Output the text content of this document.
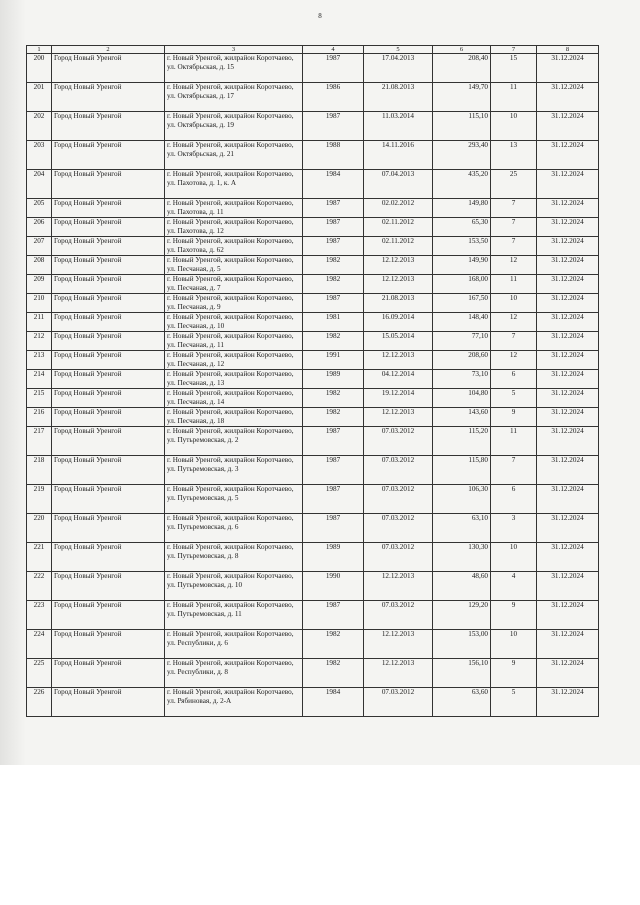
8
1	2	3	4	5	6	7	8
200	Город Новый Уренгой	г. Новый Уренгой, жилрайон Коротчаево, ул. Октябрьская, д. 15	1987	17.04.2013	208,40	15	31.12.2024
201	Город Новый Уренгой	г. Новый Уренгой, жилрайон Коротчаево, ул. Октябрьская, д. 17	1986	21.08.2013	149,70	11	31.12.2024
202	Город Новый Уренгой	г. Новый Уренгой, жилрайон Коротчаево, ул. Октябрьская, д. 19	1987	11.03.2014	115,10	10	31.12.2024
203	Город Новый Уренгой	г. Новый Уренгой, жилрайон Коротчаево, ул. Октябрьская, д. 21	1988	14.11.2016	293,40	13	31.12.2024
204	Город Новый Уренгой	г. Новый Уренгой, жилрайон Коротчаево, ул. Пахотова, д. 1, к. А	1984	07.04.2013	435,20	25	31.12.2024
205	Город Новый Уренгой	г. Новый Уренгой, жилрайон Коротчаево, ул. Пахотова, д. 11	1987	02.02.2012	149,80	7	31.12.2024
206	Город Новый Уренгой	г. Новый Уренгой, жилрайон Коротчаево, ул. Пахотова, д. 12	1987	02.11.2012	65,30	7	31.12.2024
207	Город Новый Уренгой	г. Новый Уренгой, жилрайон Коротчаево, ул. Пахотова, д. 62	1987	02.11.2012	153,50	7	31.12.2024
208	Город Новый Уренгой	г. Новый Уренгой, жилрайон Коротчаево, ул. Песчаная, д. 5	1982	12.12.2013	149,90	12	31.12.2024
209	Город Новый Уренгой	г. Новый Уренгой, жилрайон Коротчаево, ул. Песчаная, д. 7	1982	12.12.2013	168,00	11	31.12.2024
210	Город Новый Уренгой	г. Новый Уренгой, жилрайон Коротчаево, ул. Песчаная, д. 9	1987	21.08.2013	167,50	10	31.12.2024
211	Город Новый Уренгой	г. Новый Уренгой, жилрайон Коротчаево, ул. Песчаная, д. 10	1981	16.09.2014	148,40	12	31.12.2024
212	Город Новый Уренгой	г. Новый Уренгой, жилрайон Коротчаево, ул. Песчаная, д. 11	1982	15.05.2014	77,10	7	31.12.2024
213	Город Новый Уренгой	г. Новый Уренгой, жилрайон Коротчаево, ул. Песчаная, д. 12	1991	12.12.2013	208,60	12	31.12.2024
214	Город Новый Уренгой	г. Новый Уренгой, жилрайон Коротчаево, ул. Песчаная, д. 13	1989	04.12.2014	73,10	6	31.12.2024
215	Город Новый Уренгой	г. Новый Уренгой, жилрайон Коротчаево, ул. Песчаная, д. 14	1982	19.12.2014	104,80	5	31.12.2024
216	Город Новый Уренгой	г. Новый Уренгой, жилрайон Коротчаево, ул. Песчаная, д. 18	1982	12.12.2013	143,60	9	31.12.2024
217	Город Новый Уренгой	г. Новый Уренгой, жилрайон Коротчаево, ул. Путьремовская, д. 2	1987	07.03.2012	115,20	11	31.12.2024
218	Город Новый Уренгой	г. Новый Уренгой, жилрайон Коротчаево, ул. Путьремовская, д. 3	1987	07.03.2012	115,80	7	31.12.2024
219	Город Новый Уренгой	г. Новый Уренгой, жилрайон Коротчаево, ул. Путьремовская, д. 5	1987	07.03.2012	106,30	6	31.12.2024
220	Город Новый Уренгой	г. Новый Уренгой, жилрайон Коротчаево, ул. Путьремовская, д. 6	1987	07.03.2012	63,10	3	31.12.2024
221	Город Новый Уренгой	г. Новый Уренгой, жилрайон Коротчаево, ул. Путьремовская, д. 8	1989	07.03.2012	130,30	10	31.12.2024
222	Город Новый Уренгой	г. Новый Уренгой, жилрайон Коротчаево, ул. Путьремовская, д. 10	1990	12.12.2013	48,60	4	31.12.2024
223	Город Новый Уренгой	г. Новый Уренгой, жилрайон Коротчаево, ул. Путьремовская, д. 11	1987	07.03.2012	129,20	9	31.12.2024
224	Город Новый Уренгой	г. Новый Уренгой, жилрайон Коротчаево, ул. Республики, д. 6	1982	12.12.2013	153,00	10	31.12.2024
225	Город Новый Уренгой	г. Новый Уренгой, жилрайон Коротчаево, ул. Республики, д. 8	1982	12.12.2013	156,10	9	31.12.2024
226	Город Новый Уренгой	г. Новый Уренгой, жилрайон Коротчаево, ул. Рябиновая, д. 2-А	1984	07.03.2012	63,60	5	31.12.2024
